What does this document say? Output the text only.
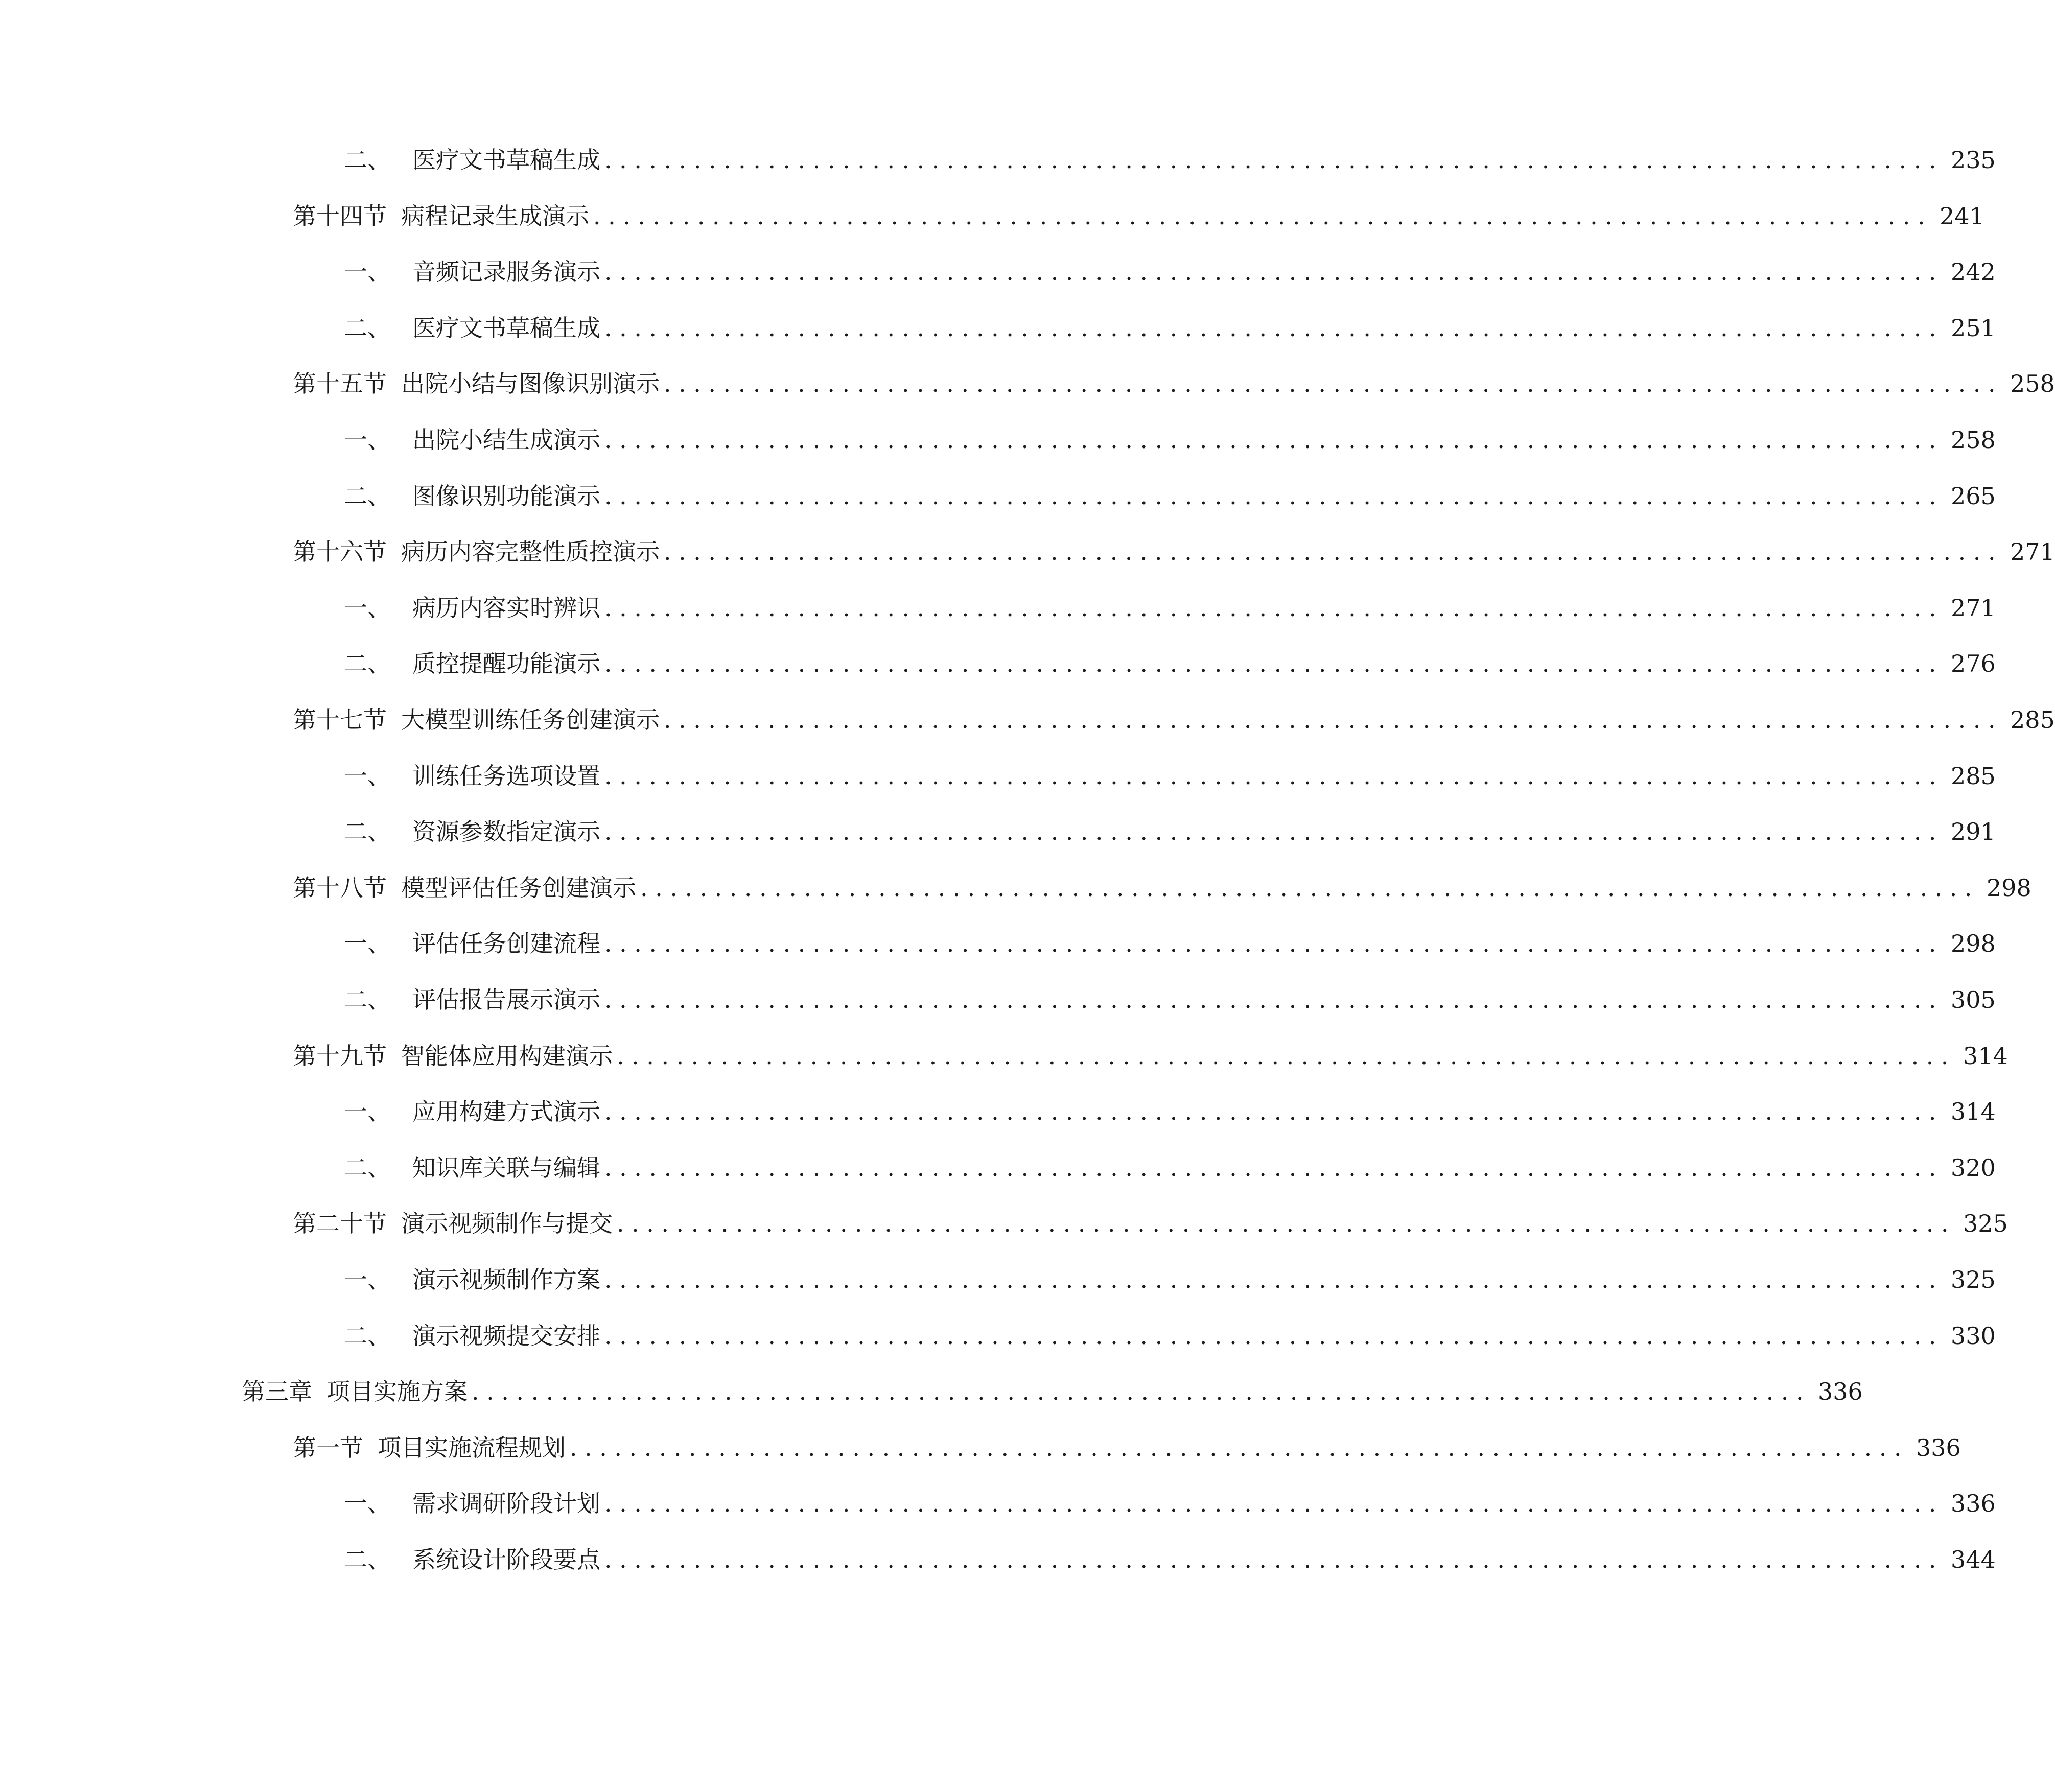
二、 医疗文书草稿生成 .......................................................................................... 235
第十四节 病程记录生成演示 .......................................................................................... 241
一、 音频记录服务演示 .......................................................................................... 242
二、 医疗文书草稿生成 .......................................................................................... 251
第十五节 出院小结与图像识别演示 .......................................................................................... 258
一、 出院小结生成演示 .......................................................................................... 258
二、 图像识别功能演示 .......................................................................................... 265
第十六节 病历内容完整性质控演示 .......................................................................................... 271
一、 病历内容实时辨识 .......................................................................................... 271
二、 质控提醒功能演示 .......................................................................................... 276
第十七节 大模型训练任务创建演示 .......................................................................................... 285
一、 训练任务选项设置 .......................................................................................... 285
二、 资源参数指定演示 .......................................................................................... 291
第十八节 模型评估任务创建演示 .......................................................................................... 298
一、 评估任务创建流程 .......................................................................................... 298
二、 评估报告展示演示 .......................................................................................... 305
第十九节 智能体应用构建演示 .......................................................................................... 314
一、 应用构建方式演示 .......................................................................................... 314
二、 知识库关联与编辑 .......................................................................................... 320
第二十节 演示视频制作与提交 .......................................................................................... 325
一、 演示视频制作方案 .......................................................................................... 325
二、 演示视频提交安排 .......................................................................................... 330
第三章 项目实施方案 .......................................................................................... 336
第一节 项目实施流程规划 .......................................................................................... 336
一、 需求调研阶段计划 .......................................................................................... 336
二、 系统设计阶段要点 .......................................................................................... 344
